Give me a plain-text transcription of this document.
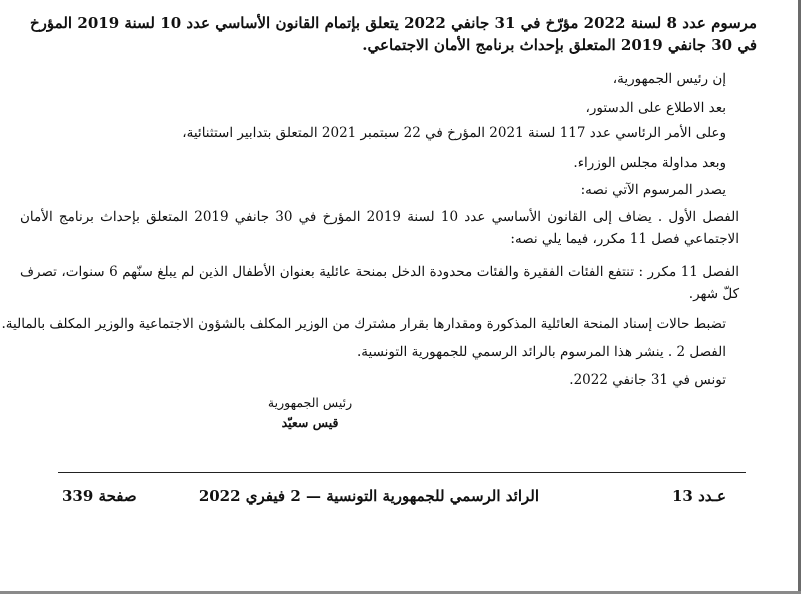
مرسوم عدد 8 لسنة 2022 مؤرّخ في 31 جانفي 2022 يتعلق بإتمام القانون الأساسي عدد 10 لسنة 2019 المؤرخ في 30 جانفي 2019 المتعلق بإحداث برنامج الأمان الاجتماعي.
إن رئيس الجمهورية،
بعد الاطلاع على الدستور،
وعلى الأمر الرئاسي عدد 117 لسنة 2021 المؤرخ في 22 سبتمبر 2021 المتعلق بتدابير استثنائية،
وبعد مداولة مجلس الوزراء.
يصدر المرسوم الآتي نصه:
الفصل الأول . يضاف إلى القانون الأساسي عدد 10 لسنة 2019 المؤرخ في 30 جانفي 2019 المتعلق بإحداث برنامج الأمان الاجتماعي فصل 11 مكرر، فيما يلي نصه:
الفصل 11 مكرر : تنتفع الفئات الفقيرة والفئات محدودة الدخل بمنحة عائلية بعنوان الأطفال الذين لم يبلغ سنّهم 6 سنوات، تصرف كلّ شهر.
تضبط حالات إسناد المنحة العائلية المذكورة ومقدارها بقرار مشترك من الوزير المكلف بالشؤون الاجتماعية والوزير المكلف بالمالية.
الفصل 2 . ينشر هذا المرسوم بالرائد الرسمي للجمهورية التونسية.
تونس في 31 جانفي 2022.
رئيس الجمهورية
قيس سعيّد
عـدد 13
الرائد الرسمي للجمهورية التونسية — 2 فيفري 2022
صفحة 339
